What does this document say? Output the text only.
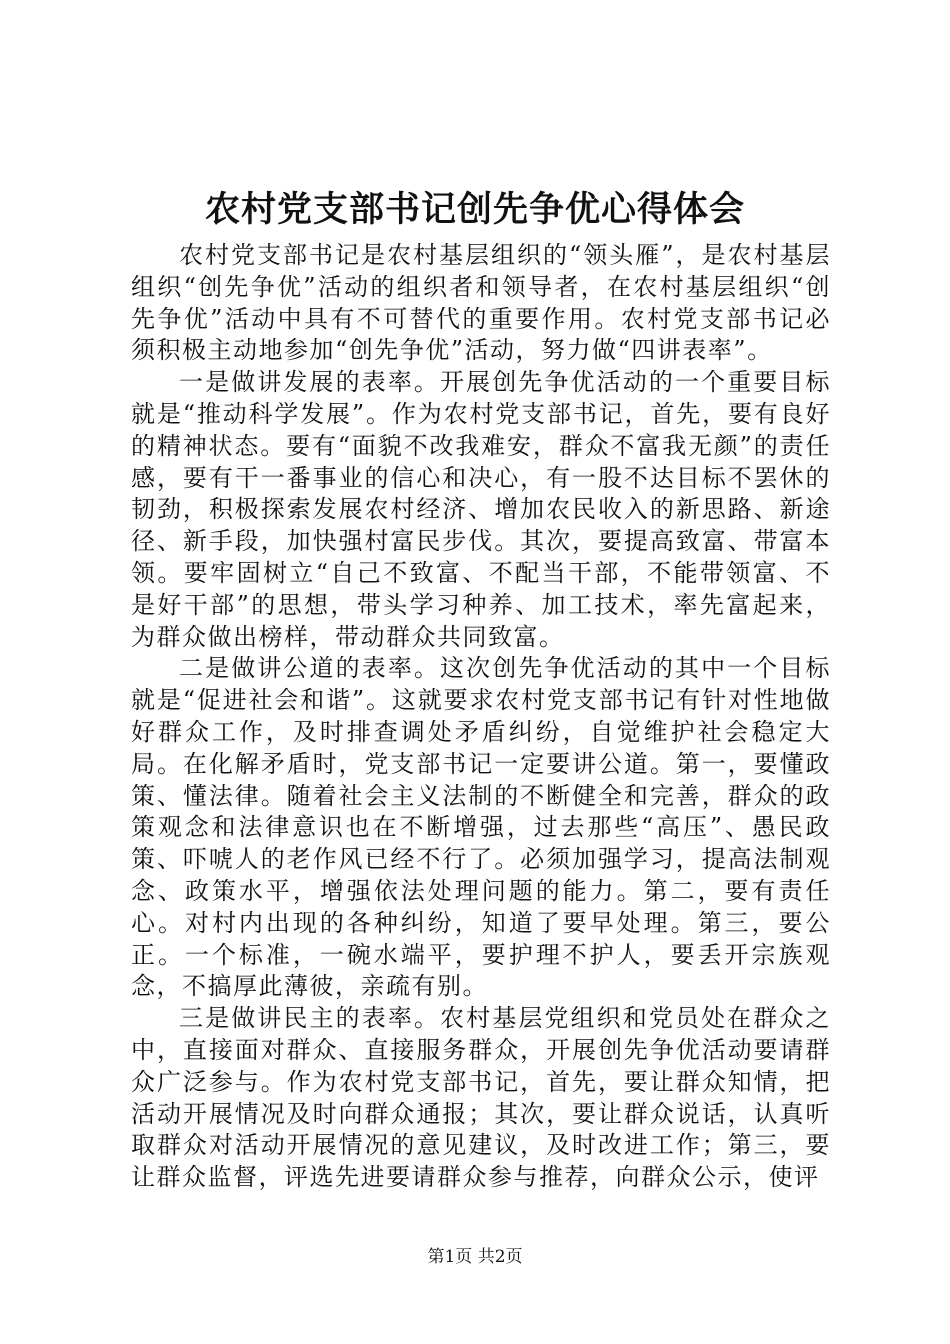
农村党支部书记创先争优心得体会

农村党支部书记是农村基层组织的“领头雁”，是农村基层组织“创先争优”活动的组织者和领导者，在农村基层组织“创先争优”活动中具有不可替代的重要作用。农村党支部书记必须积极主动地参加“创先争优”活动，努力做“四讲表率”。

一是做讲发展的表率。开展创先争优活动的一个重要目标就是“推动科学发展”。作为农村党支部书记，首先，要有良好的精神状态。要有“面貌不改我难安，群众不富我无颜”的责任感，要有干一番事业的信心和决心，有一股不达目标不罢休的韧劲，积极探索发展农村经济、增加农民收入的新思路、新途径、新手段，加快强村富民步伐。其次，要提高致富、带富本领。要牢固树立“自己不致富、不配当干部，不能带领富、不是好干部”的思想，带头学习种养、加工技术，率先富起来，为群众做出榜样，带动群众共同致富。

二是做讲公道的表率。这次创先争优活动的其中一个目标就是“促进社会和谐”。这就要求农村党支部书记有针对性地做好群众工作，及时排查调处矛盾纠纷，自觉维护社会稳定大局。在化解矛盾时，党支部书记一定要讲公道。第一，要懂政策、懂法律。随着社会主义法制的不断健全和完善，群众的政策观念和法律意识也在不断增强，过去那些“高压”、愚民政策、吓唬人的老作风已经不行了。必须加强学习，提高法制观念、政策水平，增强依法处理问题的能力。第二，要有责任心。对村内出现的各种纠纷，知道了要早处理。第三，要公正。一个标准，一碗水端平，要护理不护人，要丢开宗族观念，不搞厚此薄彼，亲疏有别。

三是做讲民主的表率。农村基层党组织和党员处在群众之中，直接面对群众、直接服务群众，开展创先争优活动要请群众广泛参与。作为农村党支部书记，首先，要让群众知情，把活动开展情况及时向群众通报；其次，要让群众说话，认真听取群众对活动开展情况的意见建议，及时改进工作；第三，要让群众监督，评选先进要请群众参与推荐，向群众公示，使评

第1页 共2页
